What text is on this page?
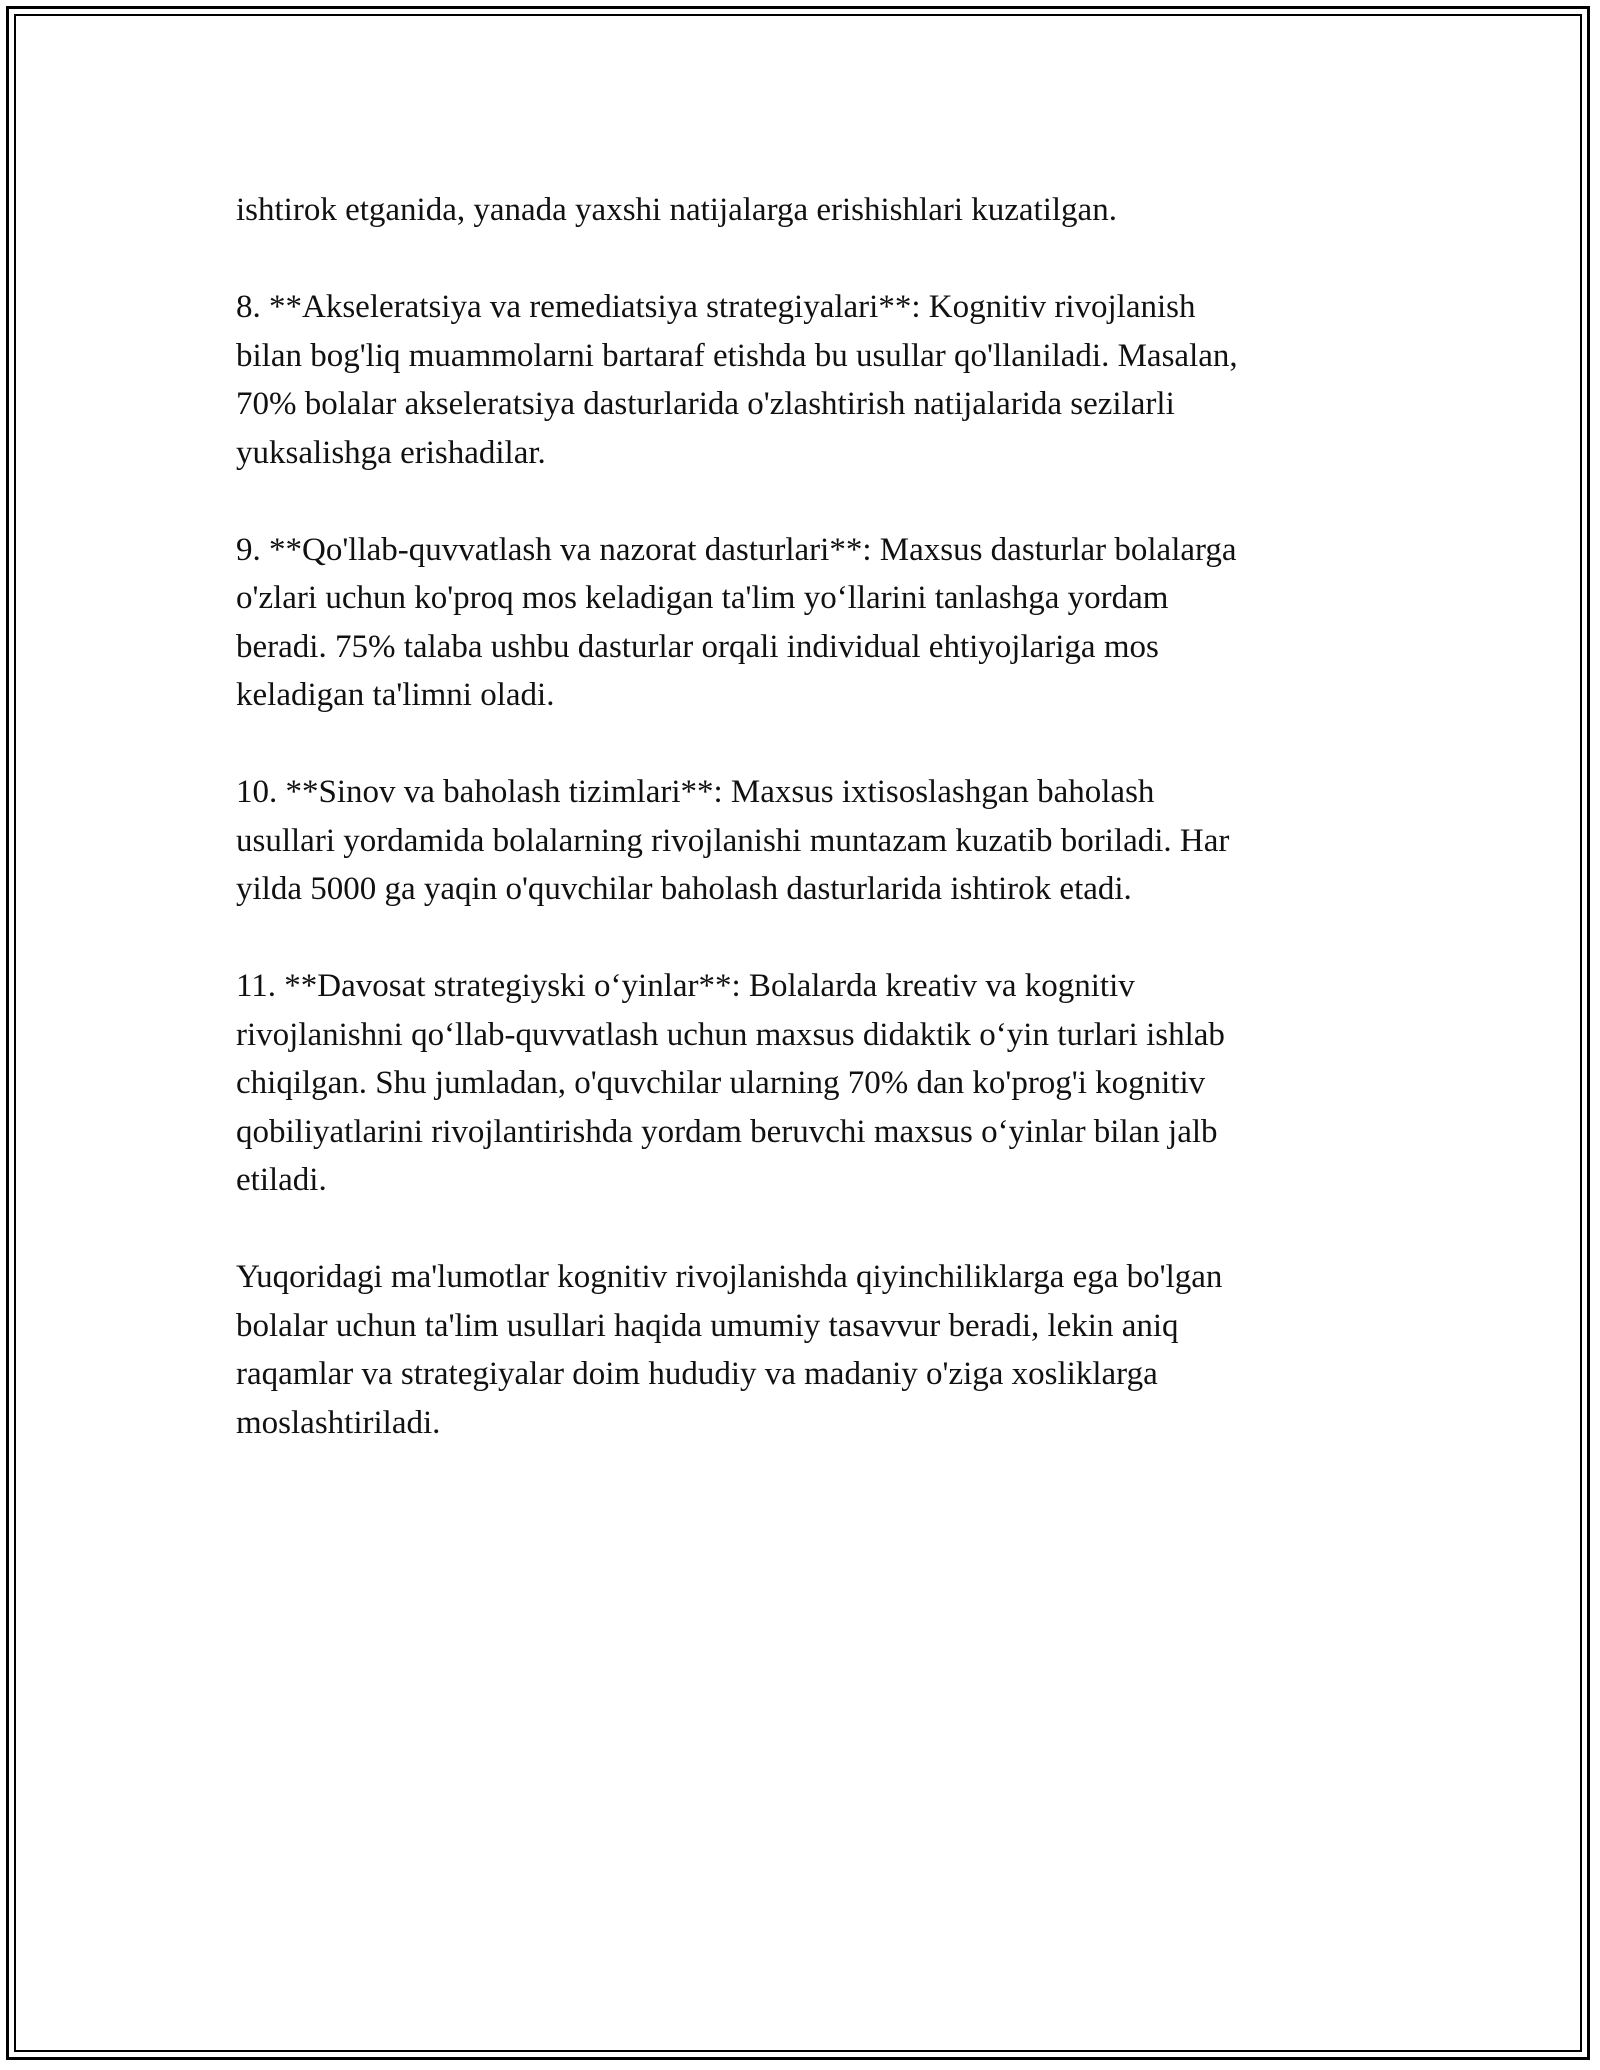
ishtirok etganida, yanada yaxshi natijalarga erishishlari kuzatilgan.

8. **Akseleratsiya va remediatsiya strategiyalari**: Kognitiv rivojlanish
bilan bog'liq muammolarni bartaraf etishda bu usullar qo'llaniladi. Masalan,
70% bolalar akseleratsiya dasturlarida o'zlashtirish natijalarida sezilarli
yuksalishga erishadilar.

9. **Qo'llab-quvvatlash va nazorat dasturlari**: Maxsus dasturlar bolalarga
o'zlari uchun ko'proq mos keladigan ta'lim yo‘llarini tanlashga yordam
beradi. 75% talaba ushbu dasturlar orqali individual ehtiyojlariga mos
keladigan ta'limni oladi.

10. **Sinov va baholash tizimlari**: Maxsus ixtisoslashgan baholash
usullari yordamida bolalarning rivojlanishi muntazam kuzatib boriladi. Har
yilda 5000 ga yaqin o'quvchilar baholash dasturlarida ishtirok etadi.

11. **Davosat strategiyski o‘yinlar**: Bolalarda kreativ va kognitiv
rivojlanishni qo‘llab-quvvatlash uchun maxsus didaktik o‘yin turlari ishlab
chiqilgan. Shu jumladan, o'quvchilar ularning 70% dan ko'prog'i kognitiv
qobiliyatlarini rivojlantirishda yordam beruvchi maxsus o‘yinlar bilan jalb
etiladi.

Yuqoridagi ma'lumotlar kognitiv rivojlanishda qiyinchiliklarga ega bo'lgan
bolalar uchun ta'lim usullari haqida umumiy tasavvur beradi, lekin aniq
raqamlar va strategiyalar doim hududiy va madaniy o'ziga xosliklarga
moslashtiriladi.
